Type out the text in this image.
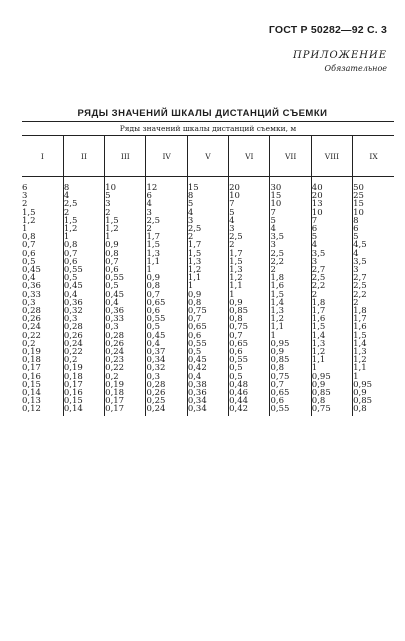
ГОСТ Р 50282—92 С. 3
ПРИЛОЖЕНИЕ
Обязательное
РЯДЫ ЗНАЧЕНИЙ ШКАЛЫ ДИСТАНЦИЙ СЪЕМКИ
Ряды значений шкалы дистанций съемки, м								
I	II	III	IV	V	VI	VII	VIII	IX
6	8	10	12	15	20	30	40	50
3	4	5	6	8	10	15	20	25
2	2,5	3	4	5	7	10	13	15
1,5	2	2	3	4	5	7	10	10
1,2	1,5	1,5	2,5	3	4	5	7	8
1	1,2	1,2	2	2,5	3	4	6	6
0,8	1	1	1,7	2	2,5	3,5	5	5
0,7	0,8	0,9	1,5	1,7	2	3	4	4,5
0,6	0,7	0,8	1,3	1,5	1,7	2,5	3,5	4
0,5	0,6	0,7	1,1	1,3	1,5	2,2	3	3,5
0,45	0,55	0,6	1	1,2	1,3	2	2,7	3
0,4	0,5	0,55	0,9	1,1	1,2	1,8	2,5	2,7
0,36	0,45	0,5	0,8	1	1,1	1,6	2,2	2,5
0,33	0,4	0,45	0,7	0,9	1	1,5	2	2,2
0,3	0,36	0,4	0,65	0,8	0,9	1,4	1,8	2
0,28	0,32	0,36	0,6	0,75	0,85	1,3	1,7	1,8
0,26	0,3	0,33	0,55	0,7	0,8	1,2	1,6	1,7
0,24	0,28	0,3	0,5	0,65	0,75	1,1	1,5	1,6
0,22	0,26	0,28	0,45	0,6	0,7	1	1,4	1,5
0,2	0,24	0,26	0,4	0,55	0,65	0,95	1,3	1,4
0,19	0,22	0,24	0,37	0,5	0,6	0,9	1,2	1,3
0,18	0,2	0,23	0,34	0,45	0,55	0,85	1,1	1,2
0,17	0,19	0,22	0,32	0,42	0,5	0,8	1	1,1
0,16	0,18	0,2	0,3	0,4	0,5	0,75	0,95	1
0,15	0,17	0,19	0,28	0,38	0,48	0,7	0,9	0,95
0,14	0,16	0,18	0,26	0,36	0,46	0,65	0,85	0,9
0,13	0,15	0,17	0,25	0,34	0,44	0,6	0,8	0,85
0,12	0,14	0,17	0,24	0,34	0,42	0,55	0,75	0,8
